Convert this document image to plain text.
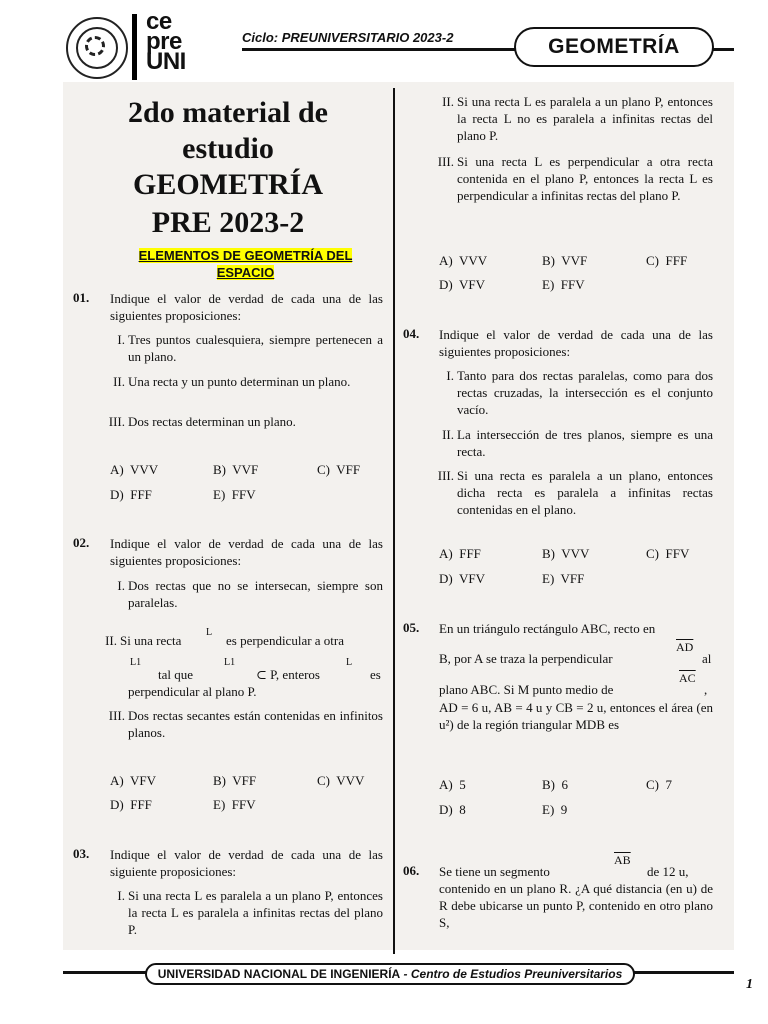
ce
pre
UNI
Ciclo: PREUNIVERSITARIO 2023-2	GEOMETRÍA
2do material de
estudio
GEOMETRÍA
PRE 2023-2
ELEMENTOS DE GEOMETRÍA DEL
ESPACIO
01. Indique el valor de verdad de cada una de las siguientes proposiciones:
I. Tres puntos cualesquiera, siempre pertenecen a un plano.
II. Una recta y un punto determinan un plano.
III. Dos rectas determinan un plano.
A)  VVV	B)  VVF	C)  VFF
D)  FFF	E)  FFV
02. Indique el valor de verdad de cada una de las siguientes proposiciones:
I. Dos rectas que no se intersecan, siempre son paralelas.
II. Si una recta
L
es perpendicular a otra
L1
tal que
L1
⊂ P, enteros
L
es
perpendicular al plano P.
III. Dos rectas secantes están contenidas en infinitos planos.
A)  VFV	B)  VFF	C)  VVV
D)  FFF	E)  FFV
03. Indique el valor de verdad de cada una de las siguiente proposiciones:
I. Si una recta L es paralela a un plano P, entonces la recta L es paralela a infinitas rectas del plano P.
II. Si una recta L es paralela a un plano P, entonces la recta L no es paralela a infinitas rectas del plano P.
III. Si una recta L es perpendicular a otra recta contenida en el plano P, entonces la recta L es perpendicular a infinitas rectas del plano P.
A)  VVV	B)  VVF	C)  FFF
D)  VFV	E)  FFV
04. Indique el valor de verdad de cada una de las siguientes proposiciones:
I. Tanto para dos rectas paralelas, como para dos rectas cruzadas, la intersección es el conjunto vacío.
II. La intersección de tres planos, siempre es una recta.
III. Si una recta es paralela a un plano, entonces dicha recta es paralela a infinitas rectas contenidas en el plano.
A)  FFF	B)  VVV	C)  FFV
D)  VFV	E)  VFF
05. En un triángulo rectángulo ABC, recto en
B, por A se traza la perpendicular
$\overline{AD}$
al
plano ABC. Si M punto medio de
$\overline{AC}$
,
AD = 6 u, AB = 4 u y CB = 2 u, entonces el área (en u²) de la región triangular MDB es
A)  5	B)  6	C)  7
D)  8	E)  9
06. Se tiene un segmento
$\overline{AB}$
de 12 u,
contenido en un plano R. ¿A qué distancia (en u) de R debe ubicarse un punto P, contenido en otro plano S,
UNIVERSIDAD NACIONAL DE INGENIERÍA - Centro de Estudios Preuniversitarios
1
